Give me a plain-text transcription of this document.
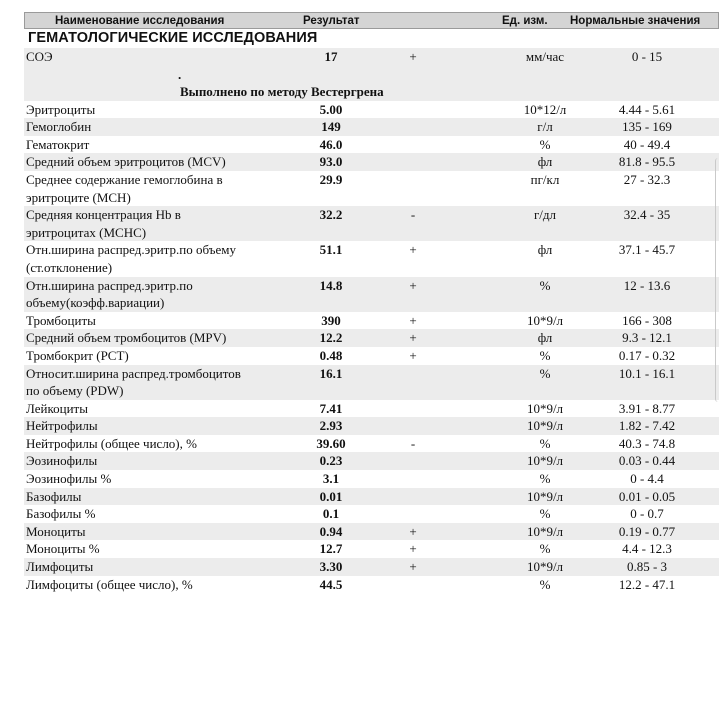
Наименование исследования	Результат	Ед. изм. Нормальные значения
ГЕМАТОЛОГИЧЕСКИЕ ИССЛЕДОВАНИЯ
СОЭ	17	+	мм/час	0 - 15
.
Выполнено по методу Вестергрена
Эритроциты	5.00	10*12/л	4.44 - 5.61
Гемоглобин	149	г/л	135 - 169
Гематокрит	46.0	%	40 - 49.4
Средний объем эритроцитов (MCV)	93.0	фл	81.8 - 95.5
Среднее содержание гемоглобина в
эритроците (MCH)
29.9	пг/кл	27 - 32.3
Средняя концентрация Hb в
эритроцитах (MCHC)
32.2	-	г/дл	32.4 - 35
Отн.ширина распред.эритр.по объему
(ст.отклонение)
51.1	+	фл	37.1 - 45.7
Отн.ширина распред.эритр.по
объему(коэфф.вариации)
14.8	+	%	12 - 13.6
Тромбоциты	390	+	10*9/л	166 - 308
Средний объем тромбоцитов (MPV)	12.2	+	фл	9.3 - 12.1
Тромбокрит (PCT)	0.48	+	%	0.17 - 0.32
Относит.ширина распред.тромбоцитов
по объему (PDW)
16.1	%	10.1 - 16.1
Лейкоциты	7.41	10*9/л	3.91 - 8.77
Нейтрофилы	2.93	10*9/л	1.82 - 7.42
Нейтрофилы (общее число), %	39.60	-	%	40.3 - 74.8
Эозинофилы	0.23	10*9/л	0.03 - 0.44
Эозинофилы %	3.1	%	0 - 4.4
Базофилы	0.01	10*9/л	0.01 - 0.05
Базофилы %	0.1	%	0 - 0.7
Моноциты	0.94	+	10*9/л	0.19 - 0.77
Моноциты %	12.7	+	%	4.4 - 12.3
Лимфоциты	3.30	+	10*9/л	0.85 - 3
Лимфоциты (общее число), %	44.5	%	12.2 - 47.1
